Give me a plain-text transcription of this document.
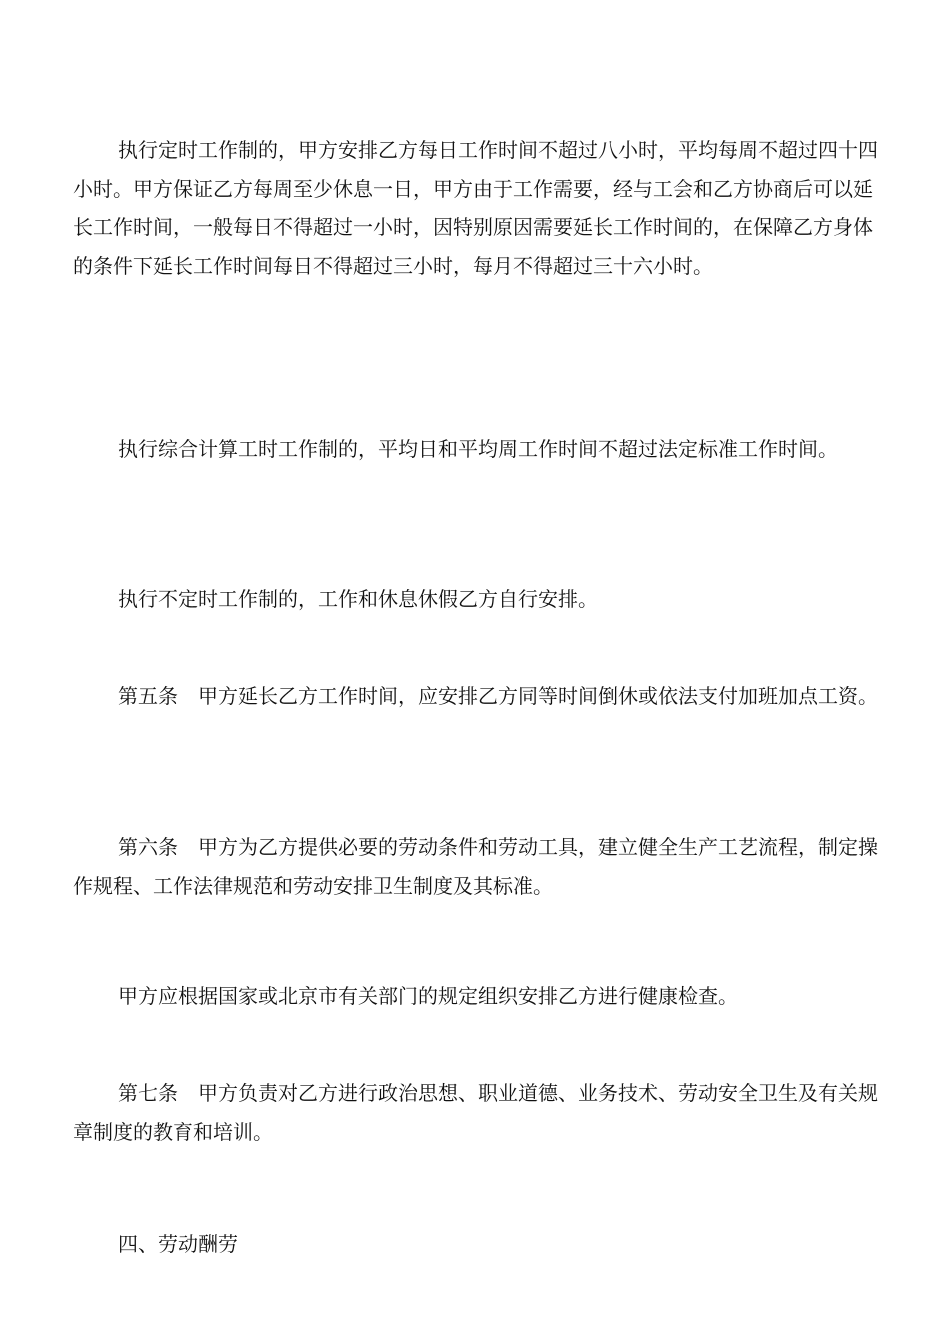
执行定时工作制的，甲方安排乙方每日工作时间不超过八小时，平均每周不超过四十四小时。甲方保证乙方每周至少休息一日，甲方由于工作需要，经与工会和乙方协商后可以延长工作时间，一般每日不得超过一小时，因特别原因需要延长工作时间的，在保障乙方身体的条件下延长工作时间每日不得超过三小时，每月不得超过三十六小时。

执行综合计算工时工作制的，平均日和平均周工作时间不超过法定标准工作时间。

执行不定时工作制的，工作和休息休假乙方自行安排。

第五条　甲方延长乙方工作时间，应安排乙方同等时间倒休或依法支付加班加点工资。

第六条　甲方为乙方提供必要的劳动条件和劳动工具，建立健全生产工艺流程，制定操作规程、工作法律规范和劳动安排卫生制度及其标准。

甲方应根据国家或北京市有关部门的规定组织安排乙方进行健康检查。

第七条　甲方负责对乙方进行政治思想、职业道德、业务技术、劳动安全卫生及有关规章制度的教育和培训。

四、劳动酬劳
